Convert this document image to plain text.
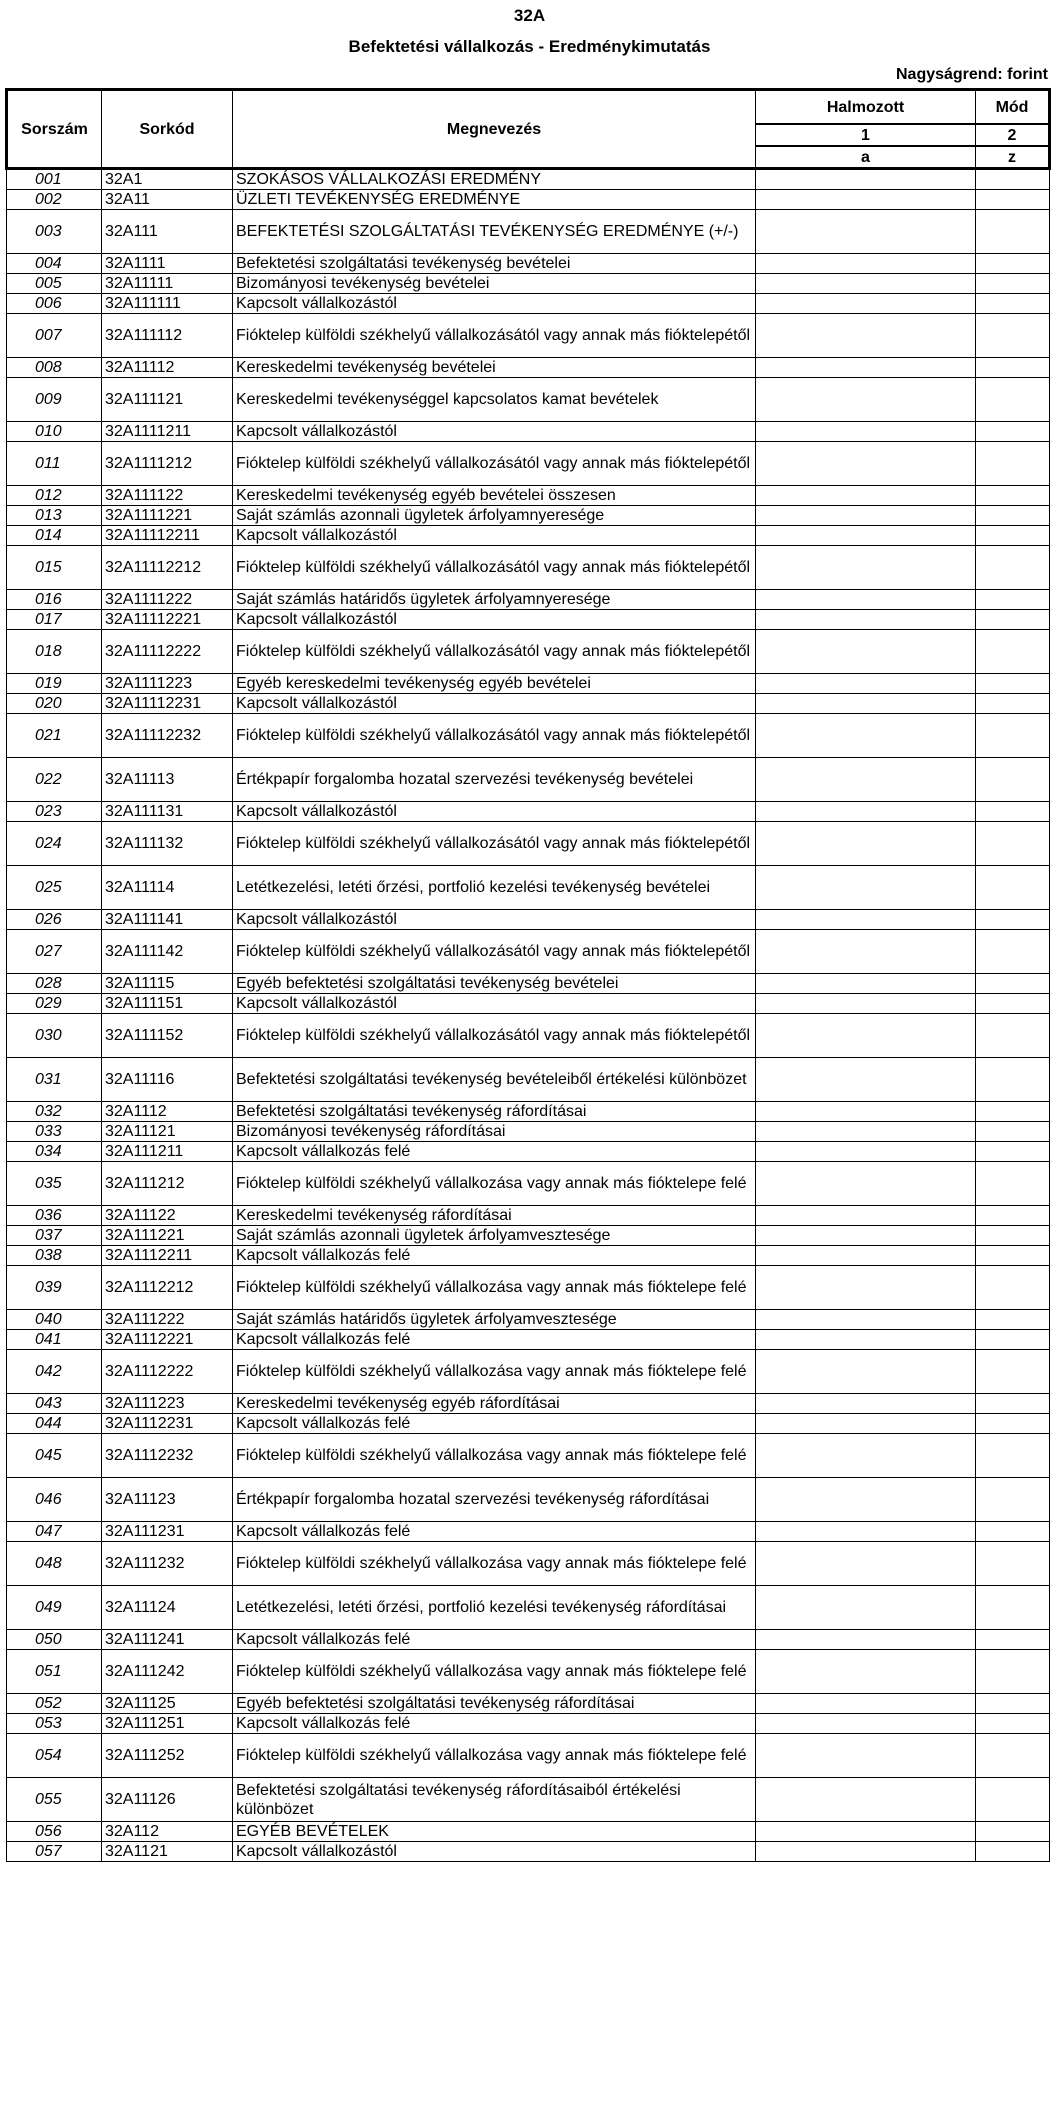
32A
Befektetési vállalkozás - Eredménykimutatás
Nagyságrend: forint
Sorszám	Sorkód	Megnevezés	Halmozott	Mód
			1	2
			a	z
001	32A1	SZOKÁSOS VÁLLALKOZÁSI EREDMÉNY		
002	32A11	ÜZLETI TEVÉKENYSÉG EREDMÉNYE		
003	32A111	BEFEKTETÉSI SZOLGÁLTATÁSI TEVÉKENYSÉG EREDMÉNYE (+/-)		
004	32A1111	Befektetési szolgáltatási tevékenység bevételei		
005	32A11111	Bizományosi tevékenység bevételei		
006	32A111111	Kapcsolt vállalkozástól		
007	32A111112	Fióktelep külföldi székhelyű vállalkozásától vagy annak más fióktelepétől		
008	32A11112	Kereskedelmi tevékenység bevételei		
009	32A111121	Kereskedelmi tevékenységgel kapcsolatos kamat bevételek		
010	32A1111211	Kapcsolt vállalkozástól		
011	32A1111212	Fióktelep külföldi székhelyű vállalkozásától vagy annak más fióktelepétől		
012	32A111122	Kereskedelmi tevékenység egyéb bevételei összesen		
013	32A1111221	Saját számlás azonnali ügyletek árfolyamnyeresége		
014	32A11112211	Kapcsolt vállalkozástól		
015	32A11112212	Fióktelep külföldi székhelyű vállalkozásától vagy annak más fióktelepétől		
016	32A1111222	Saját számlás határidős ügyletek árfolyamnyeresége		
017	32A11112221	Kapcsolt vállalkozástól		
018	32A11112222	Fióktelep külföldi székhelyű vállalkozásától vagy annak más fióktelepétől		
019	32A1111223	Egyéb kereskedelmi tevékenység egyéb bevételei		
020	32A11112231	Kapcsolt vállalkozástól		
021	32A11112232	Fióktelep külföldi székhelyű vállalkozásától vagy annak más fióktelepétől		
022	32A11113	Értékpapír forgalomba hozatal szervezési tevékenység bevételei		
023	32A111131	Kapcsolt vállalkozástól		
024	32A111132	Fióktelep külföldi székhelyű vállalkozásától vagy annak más fióktelepétől		
025	32A11114	Letétkezelési, letéti őrzési, portfolió kezelési tevékenység bevételei		
026	32A111141	Kapcsolt vállalkozástól		
027	32A111142	Fióktelep külföldi székhelyű vállalkozásától vagy annak más fióktelepétől		
028	32A11115	Egyéb befektetési szolgáltatási tevékenység bevételei		
029	32A111151	Kapcsolt vállalkozástól		
030	32A111152	Fióktelep külföldi székhelyű vállalkozásától vagy annak más fióktelepétől		
031	32A11116	Befektetési szolgáltatási tevékenység bevételeiből értékelési különbözet		
032	32A1112	Befektetési szolgáltatási tevékenység ráfordításai		
033	32A11121	Bizományosi tevékenység ráfordításai		
034	32A111211	Kapcsolt vállalkozás felé		
035	32A111212	Fióktelep külföldi székhelyű vállalkozása vagy annak más fióktelepe felé		
036	32A11122	Kereskedelmi tevékenység ráfordításai		
037	32A111221	Saját számlás azonnali ügyletek árfolyamvesztesége		
038	32A1112211	Kapcsolt vállalkozás felé		
039	32A1112212	Fióktelep külföldi székhelyű vállalkozása vagy annak más fióktelepe felé		
040	32A111222	Saját számlás határidős ügyletek árfolyamvesztesége		
041	32A1112221	Kapcsolt vállalkozás felé		
042	32A1112222	Fióktelep külföldi székhelyű vállalkozása vagy annak más fióktelepe felé		
043	32A111223	Kereskedelmi tevékenység egyéb ráfordításai		
044	32A1112231	Kapcsolt vállalkozás felé		
045	32A1112232	Fióktelep külföldi székhelyű vállalkozása vagy annak más fióktelepe felé		
046	32A11123	Értékpapír forgalomba hozatal szervezési tevékenység ráfordításai		
047	32A111231	Kapcsolt vállalkozás felé		
048	32A111232	Fióktelep külföldi székhelyű vállalkozása vagy annak más fióktelepe felé		
049	32A11124	Letétkezelési, letéti őrzési, portfolió kezelési tevékenység ráfordításai		
050	32A111241	Kapcsolt vállalkozás felé		
051	32A111242	Fióktelep külföldi székhelyű vállalkozása vagy annak más fióktelepe felé		
052	32A11125	Egyéb befektetési szolgáltatási tevékenység ráfordításai		
053	32A111251	Kapcsolt vállalkozás felé		
054	32A111252	Fióktelep külföldi székhelyű vállalkozása vagy annak más fióktelepe felé		
055	32A11126	Befektetési szolgáltatási tevékenység ráfordításaiból értékelési különbözet		
056	32A112	EGYÉB BEVÉTELEK		
057	32A1121	Kapcsolt vállalkozástól		
